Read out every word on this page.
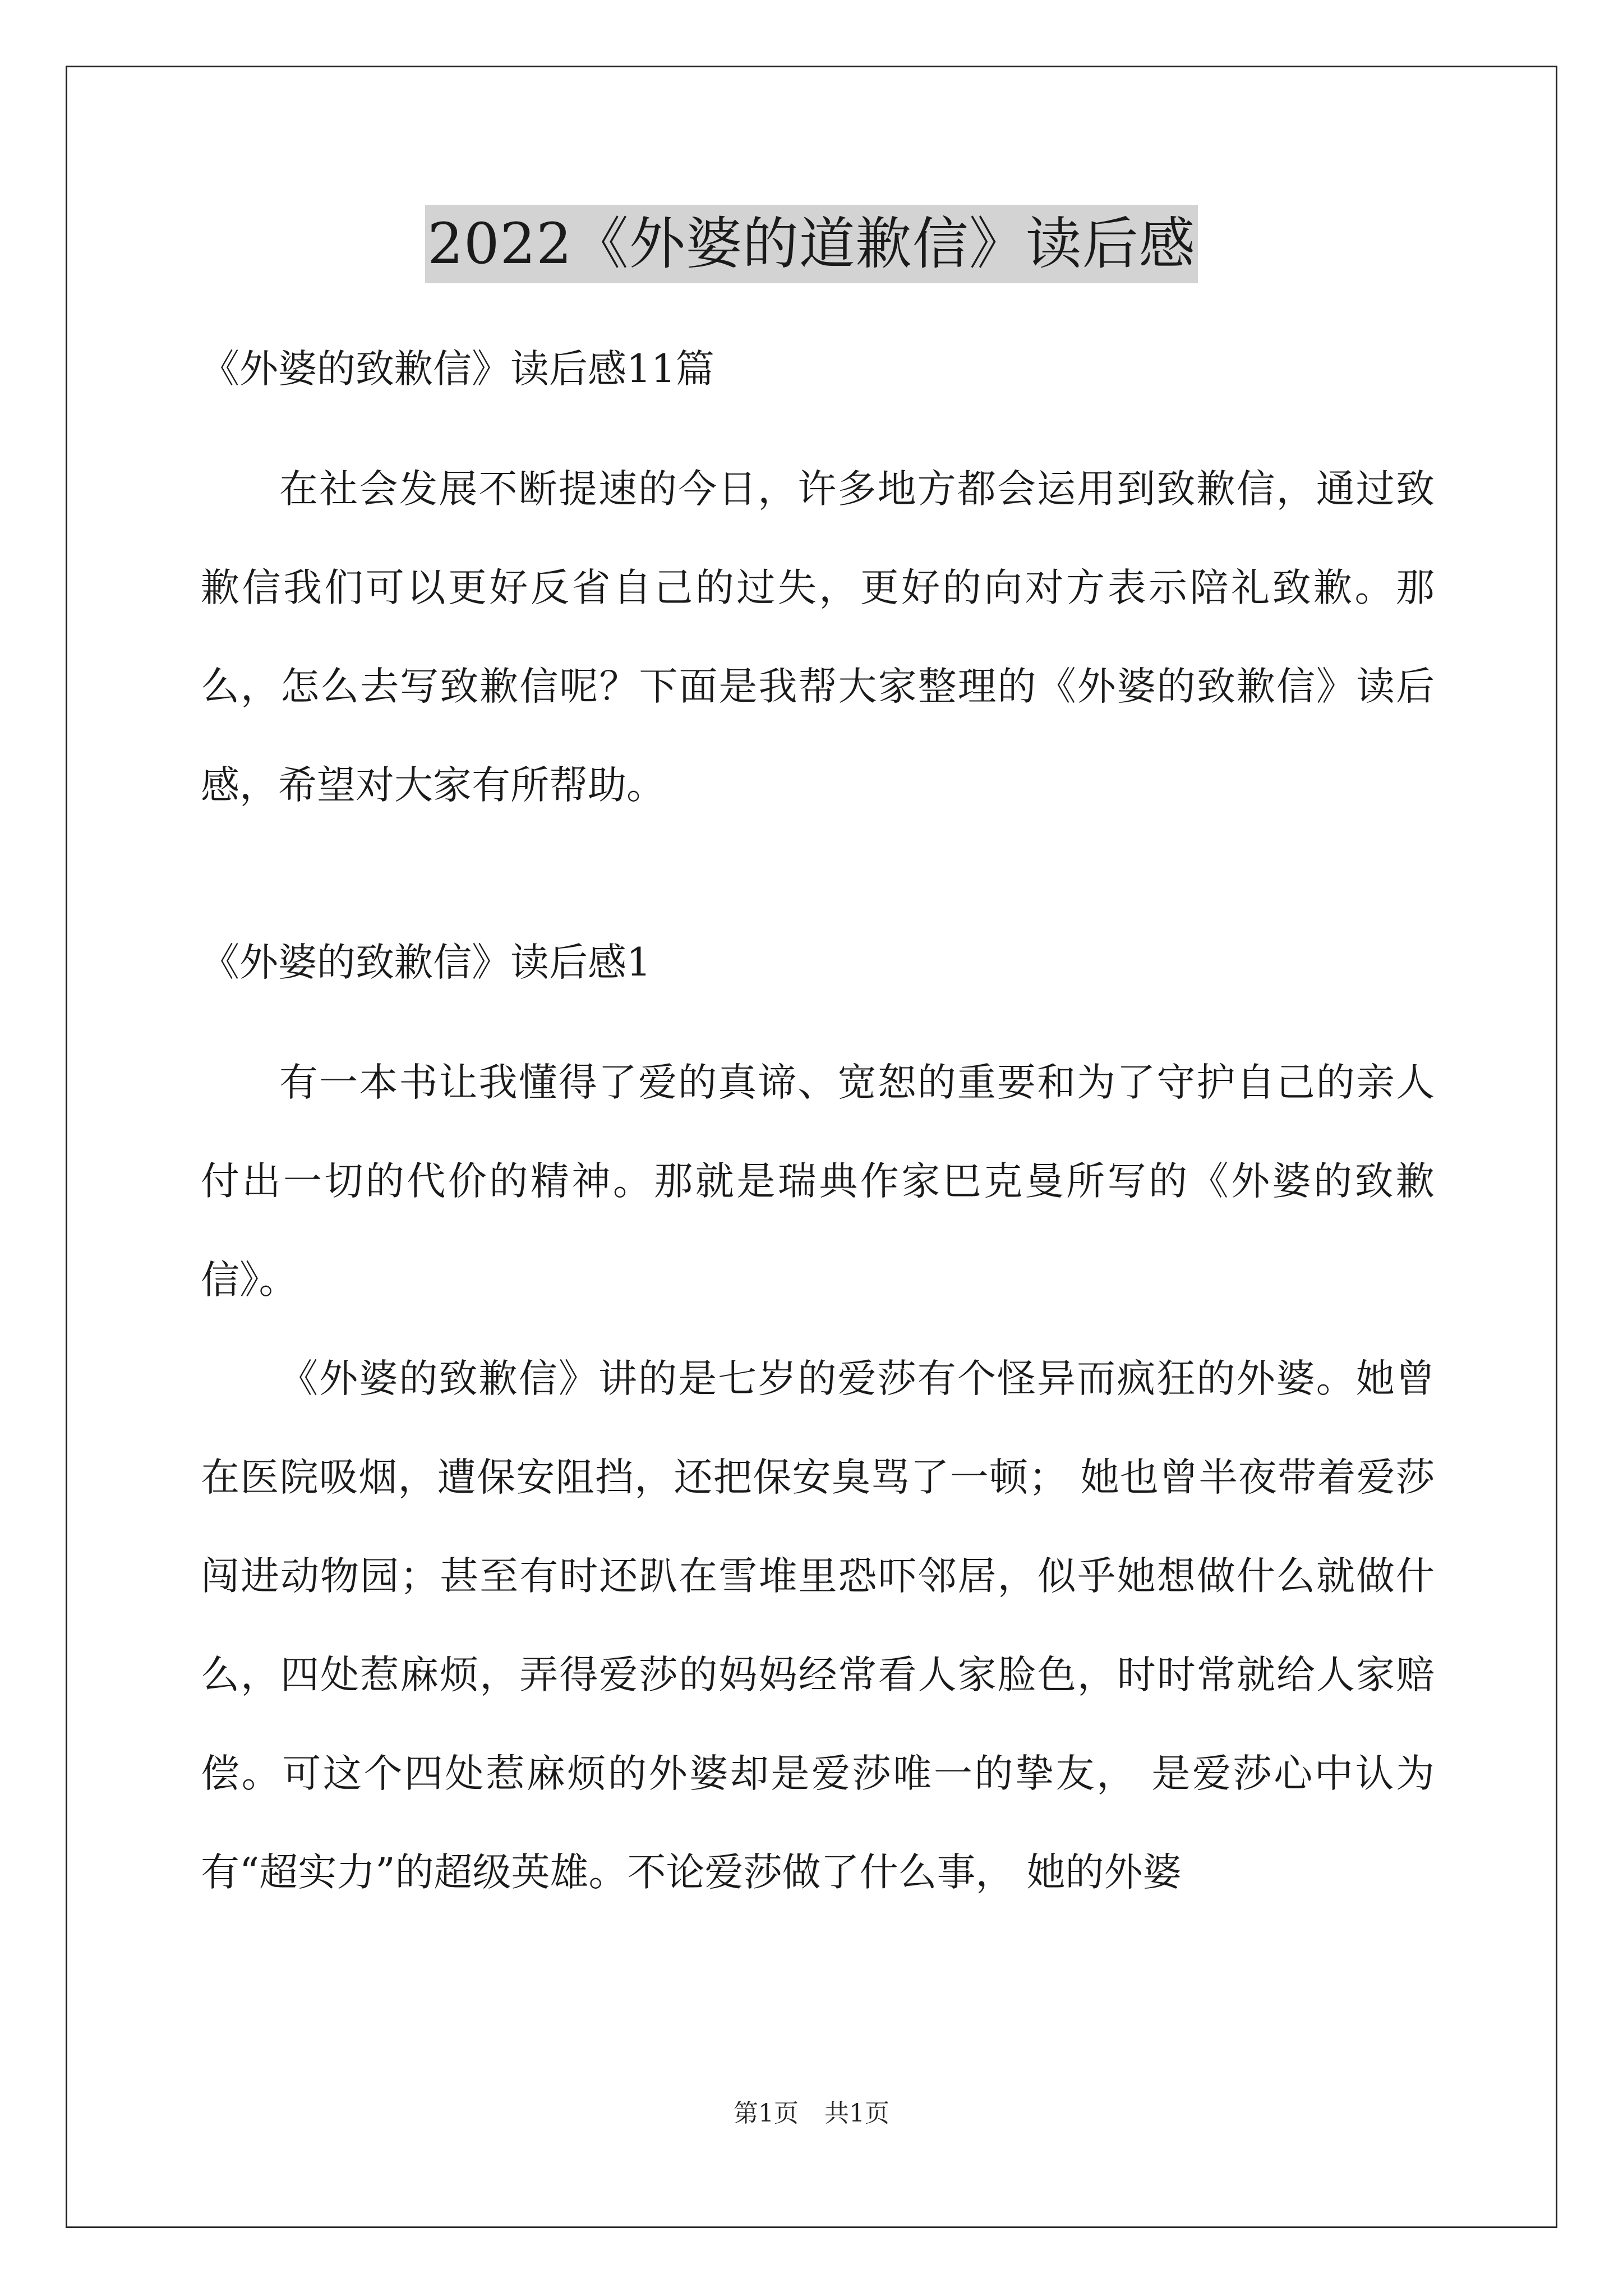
2022《外婆的道歉信》读后感

《外婆的致歉信》读后感11篇

在社会发展不断提速的今日，许多地方都会运用到致歉信，通过致歉信我们可以更好反省自己的过失，更好的向对方表示陪礼致歉。那么，怎么去写致歉信呢？下面是我帮大家整理的《外婆的致歉信》读后感，希望对大家有所帮助。

《外婆的致歉信》读后感1

有一本书让我懂得了爱的真谛、宽恕的重要和为了守护自己的亲人付出一切的代价的精神。那就是瑞典作家巴克曼所写的《外婆的致歉信》。

《外婆的致歉信》讲的是七岁的爱莎有个怪异而疯狂的外婆。她曾在医院吸烟，遭保安阻挡，还把保安臭骂了一顿； 她也曾半夜带着爱莎闯进动物园；甚至有时还趴在雪堆里恐吓邻居，似乎她想做什么就做什么，四处惹麻烦，弄得爱莎的妈妈经常看人家脸色，时时常就给人家赔偿。可这个四处惹麻烦的外婆却是爱莎唯一的挚友， 是爱莎心中认为有“超实力”的超级英雄。不论爱莎做了什么事， 她的外婆

第1页 共1页
